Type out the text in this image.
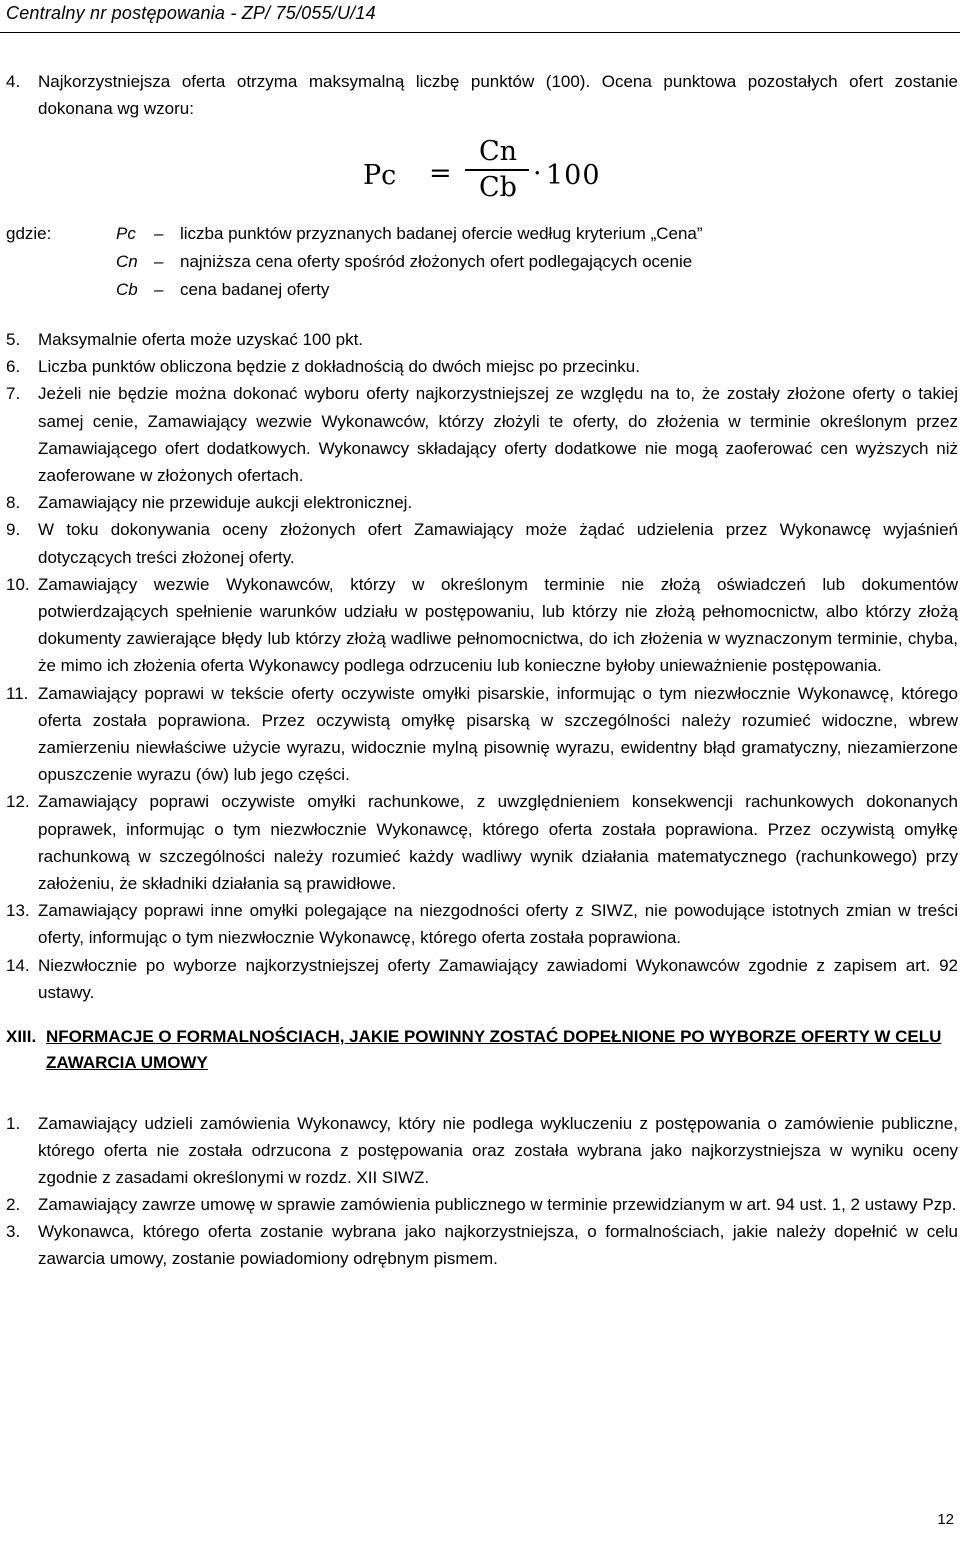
Centralny nr postępowania - ZP/ 75/055/U/14
4.	Najkorzystniejsza oferta otrzyma maksymalną liczbę punktów (100). Ocena punktowa pozostałych ofert zostanie dokonana wg wzoru:
Pc =
Cn
Cb · 100
gdzie:	Pc	– liczba punktów przyznanych badanej ofercie według kryterium „Cena”
Cn – najniższa cena oferty spośród złożonych ofert podlegających ocenie
Cb – cena badanej oferty
5.	Maksymalnie oferta może uzyskać 100 pkt.
6.	Liczba punktów obliczona będzie z dokładnością do dwóch miejsc po przecinku.
7.	Jeżeli nie będzie można dokonać wyboru oferty najkorzystniejszej ze względu na to, że zostały złożone oferty o takiej samej cenie, Zamawiający wezwie Wykonawców, którzy złożyli te oferty, do złożenia w terminie określonym przez Zamawiającego ofert dodatkowych. Wykonawcy składający oferty dodatkowe nie mogą zaoferować cen wyższych niż zaoferowane w złożonych ofertach.
8.	Zamawiający nie przewiduje aukcji elektronicznej.
9.	W toku dokonywania oceny złożonych ofert Zamawiający może żądać udzielenia przez Wykonawcę wyjaśnień dotyczących treści złożonej oferty.
10. Zamawiający wezwie Wykonawców, którzy w określonym terminie nie złożą oświadczeń lub dokumentów potwierdzających spełnienie warunków udziału w postępowaniu, lub którzy nie złożą pełnomocnictw, albo którzy złożą dokumenty zawierające błędy lub którzy złożą wadliwe pełnomocnictwa, do ich złożenia w wyznaczonym terminie, chyba, że mimo ich złożenia oferta Wykonawcy podlega odrzuceniu lub konieczne byłoby unieważnienie postępowania.
11. Zamawiający poprawi w tekście oferty oczywiste omyłki pisarskie, informując o tym niezwłocznie Wykonawcę, którego oferta została poprawiona. Przez oczywistą omyłkę pisarską w szczególności należy rozumieć widoczne, wbrew zamierzeniu niewłaściwe użycie wyrazu, widocznie mylną pisownię wyrazu, ewidentny błąd gramatyczny, niezamierzone opuszczenie wyrazu (ów) lub jego części.
12. Zamawiający poprawi oczywiste omyłki rachunkowe, z uwzględnieniem konsekwencji rachunkowych dokonanych poprawek, informując o tym niezwłocznie Wykonawcę, którego oferta została poprawiona. Przez oczywistą omyłkę rachunkową w szczególności należy rozumieć każdy wadliwy wynik działania matematycznego (rachunkowego) przy założeniu, że składniki działania są prawidłowe.
13. Zamawiający poprawi inne omyłki polegające na niezgodności oferty z SIWZ, nie powodujące istotnych zmian w treści oferty, informując o tym niezwłocznie Wykonawcę, którego oferta została poprawiona.
14. Niezwłocznie po wyborze najkorzystniejszej oferty Zamawiający zawiadomi Wykonawców zgodnie z zapisem art. 92 ustawy.
XIII. NFORMACJE O FORMALNOŚCIACH, JAKIE POWINNY ZOSTAĆ DOPEŁNIONE PO WYBORZE OFERTY W CELU ZAWARCIA UMOWY
1.	Zamawiający udzieli zamówienia Wykonawcy, który nie podlega wykluczeniu z postępowania o zamówienie publiczne, którego oferta nie została odrzucona z postępowania oraz została wybrana jako najkorzystniejsza w wyniku oceny zgodnie z zasadami określonymi w rozdz. XII SIWZ.
2.	Zamawiający zawrze umowę w sprawie zamówienia publicznego w terminie przewidzianym w art. 94 ust. 1, 2 ustawy Pzp.
3.	Wykonawca, którego oferta zostanie wybrana jako najkorzystniejsza, o formalnościach, jakie należy dopełnić w celu zawarcia umowy, zostanie powiadomiony odrębnym pismem.
12
